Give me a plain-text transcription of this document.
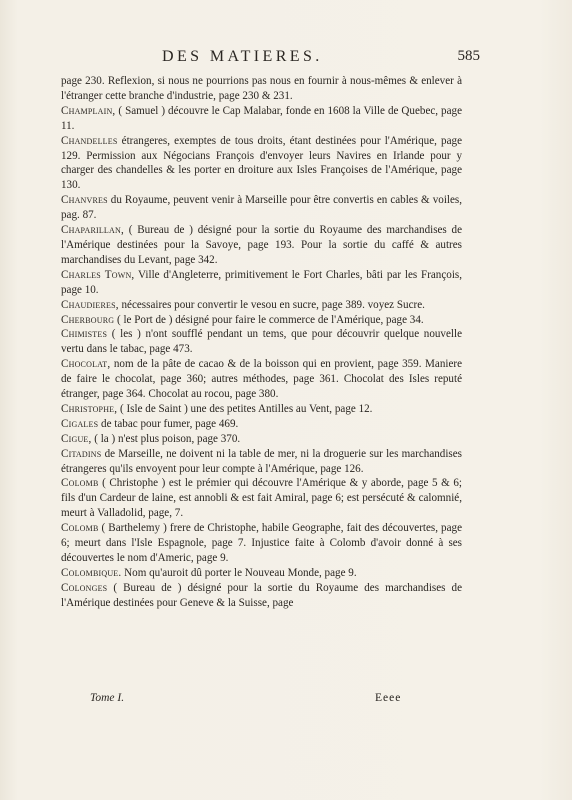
DES MATIERES.	585

page 230. Reflexion, si nous ne pourrions pas nous en fournir à nous-mêmes & enlever à l'étranger cette branche d'industrie, page 230 & 231.

Champlain, ( Samuel ) découvre le Cap Malabar, fonde en 1608 la Ville de Quebec, page 11.

Chandelles étrangeres, exemptes de tous droits, étant destinées pour l'Amérique, page 129. Permission aux Négocians François d'envoyer leurs Navires en Irlande pour y charger des chandelles & les porter en droiture aux Isles Françoises de l'Amérique, page 130.

Chanvres du Royaume, peuvent venir à Marseille pour être convertis en cables & voiles, pag. 87.

Chaparillan, ( Bureau de ) désigné pour la sortie du Royaume des marchandises de l'Amérique destinées pour la Savoye, page 193. Pour la sortie du caffé & autres marchandises du Levant, page 342.

Charles Town, Ville d'Angleterre, primitivement le Fort Charles, bâti par les François, page 10.

Chaudieres, nécessaires pour convertir le vesou en sucre, page 389. voyez Sucre.

Cherbourg ( le Port de ) désigné pour faire le commerce de l'Amérique, page 34.

Chimistes ( les ) n'ont soufflé pendant un tems, que pour découvrir quelque nouvelle vertu dans le tabac, page 473.

Chocolat, nom de la pâte de cacao & de la boisson qui en provient, page 359. Maniere de faire le chocolat, page 360; autres méthodes, page 361. Chocolat des Isles reputé étranger, page 364. Chocolat au rocou, page 380.

Christophe, ( Isle de Saint ) une des petites Antilles au Vent, page 12.

Cigales de tabac pour fumer, page 469.

Cigue, ( la ) n'est plus poison, page 370.

Citadins de Marseille, ne doivent ni la table de mer, ni la droguerie sur les marchandises étrangeres qu'ils envoyent pour leur compte à l'Amérique, page 126.

Colomb ( Christophe ) est le prémier qui découvre l'Amérique & y aborde, page 5 & 6; fils d'un Cardeur de laine, est annobli & est fait Amiral, page 6; est persécuté & calomnié, meurt à Valladolid, page, 7.

Colomb ( Barthelemy ) frere de Christophe, habile Geographe, fait des découvertes, page 6; meurt dans l'Isle Espagnole, page 7. Injustice faite à Colomb d'avoir donné à ses découvertes le nom d'Americ, page 9.

Colombique. Nom qu'auroit dû porter le Nouveau Monde, page 9.

Colonges ( Bureau de ) désigné pour la sortie du Royaume des marchandises de l'Amérique destinées pour Geneve & la Suisse, page

Tome I.	Eeee
